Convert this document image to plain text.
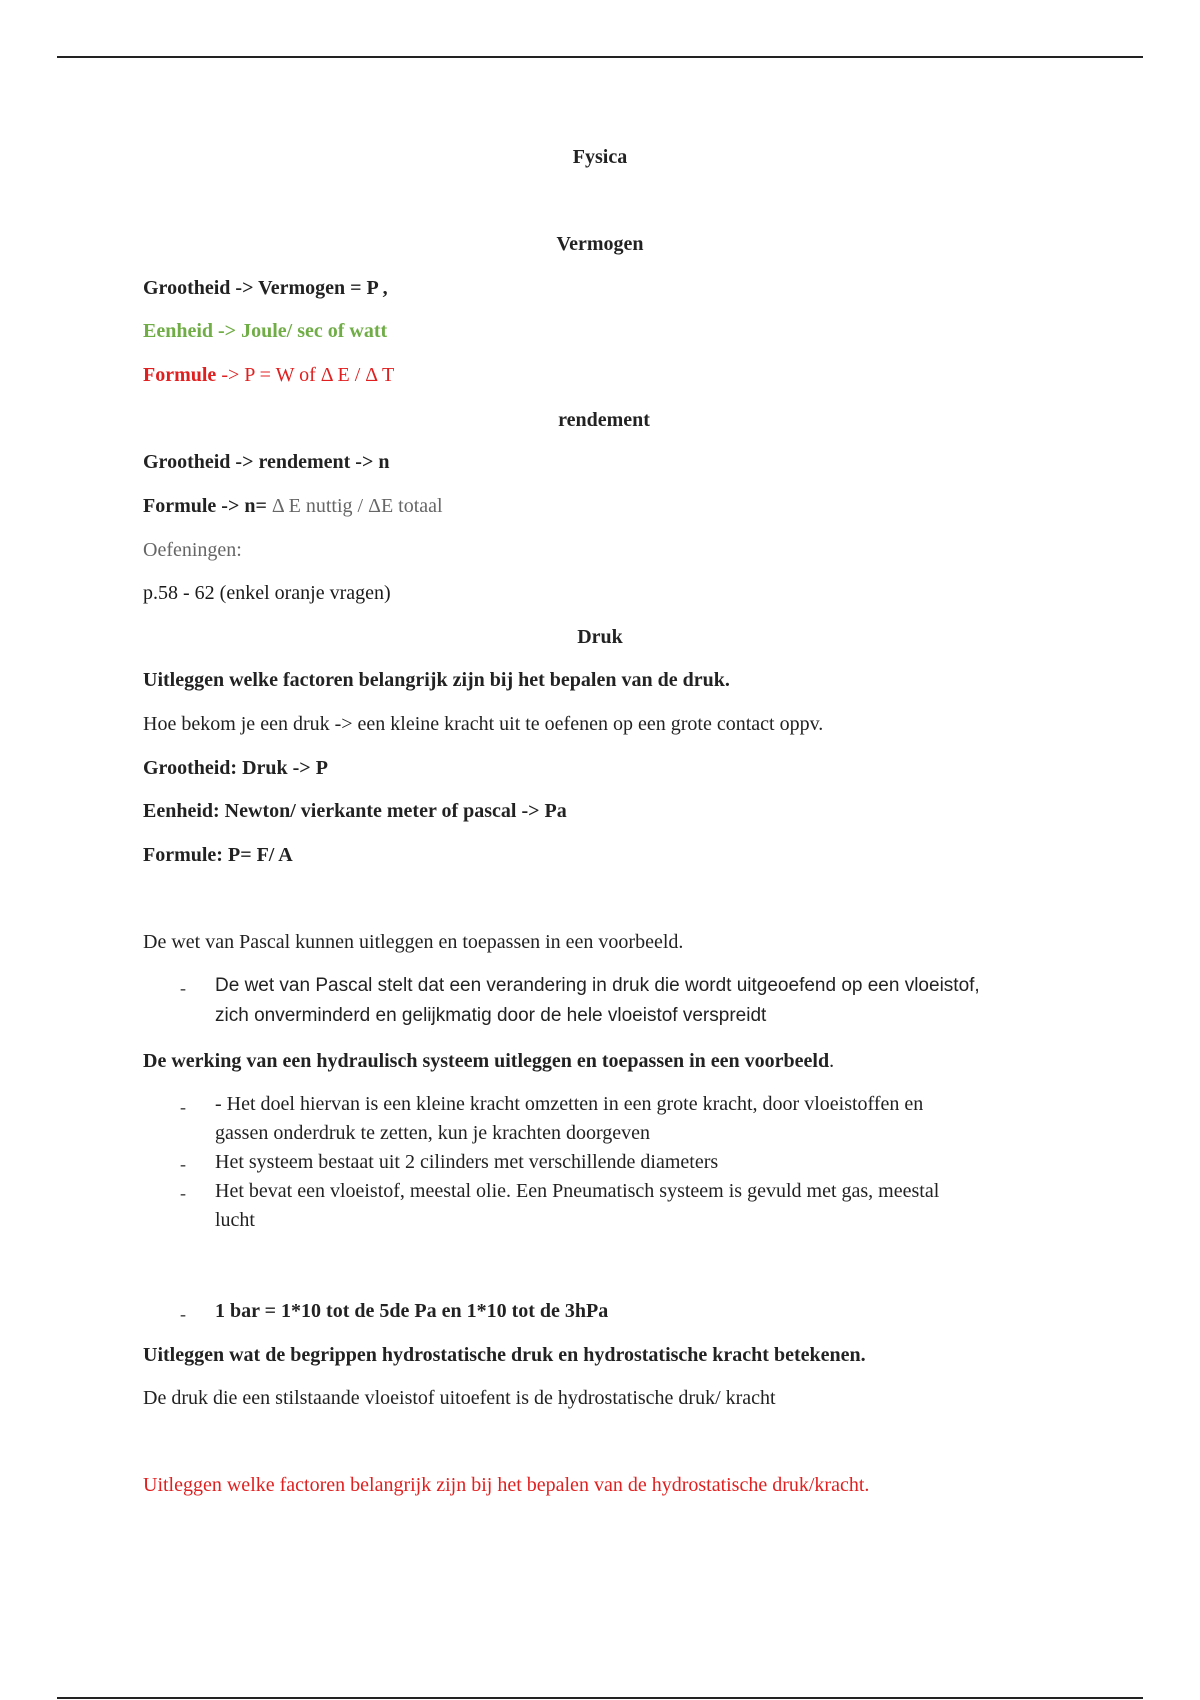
Fysica
Vermogen
Grootheid -> Vermogen = P ,
Eenheid -> Joule/ sec of watt
Formule -> P = W of Δ E / Δ T
rendement
Grootheid -> rendement -> n
Formule -> n= Δ E nuttig / ΔE totaal
Oefeningen:
p.58 - 62 (enkel oranje vragen)
Druk
Uitleggen welke factoren belangrijk zijn bij het bepalen van de druk.
Hoe bekom je een druk -> een kleine kracht uit te oefenen op een grote contact oppv.
Grootheid: Druk -> P
Eenheid: Newton/ vierkante meter of pascal -> Pa
Formule: P= F/ A
De wet van Pascal kunnen uitleggen en toepassen in een voorbeeld.
- De wet van Pascal stelt dat een verandering in druk die wordt uitgeoefend op een vloeistof,
zich onverminderd en gelijkmatig door de hele vloeistof verspreidt
De werking van een hydraulisch systeem uitleggen en toepassen in een voorbeeld.
- - Het doel hiervan is een kleine kracht omzetten in een grote kracht, door vloeistoffen en
gassen onderdruk te zetten, kun je krachten doorgeven
- Het systeem bestaat uit 2 cilinders met verschillende diameters
- Het bevat een vloeistof, meestal olie. Een Pneumatisch systeem is gevuld met gas, meestal
lucht
- 1 bar = 1*10 tot de 5de Pa en 1*10 tot de 3hPa
Uitleggen wat de begrippen hydrostatische druk en hydrostatische kracht betekenen.
De druk die een stilstaande vloeistof uitoefent is de hydrostatische druk/ kracht
Uitleggen welke factoren belangrijk zijn bij het bepalen van de hydrostatische druk/kracht.
